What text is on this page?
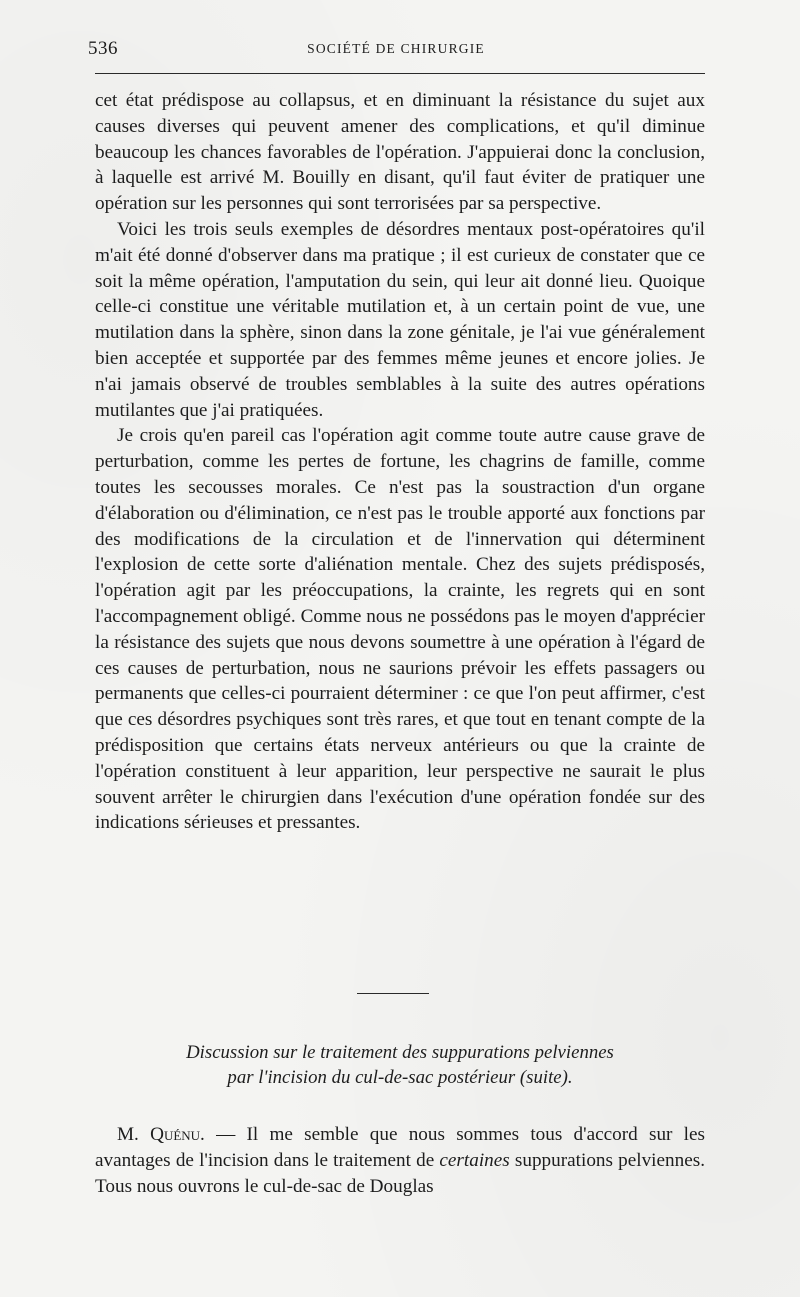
536	SOCIÉTÉ DE CHIRURGIE

cet état prédispose au collapsus, et en diminuant la résistance du sujet aux causes diverses qui peuvent amener des complications, et qu'il diminue beaucoup les chances favorables de l'opération. J'appuierai donc la conclusion, à laquelle est arrivé M. Bouilly en disant, qu'il faut éviter de pratiquer une opération sur les personnes qui sont terrorisées par sa perspective.

Voici les trois seuls exemples de désordres mentaux post-opératoires qu'il m'ait été donné d'observer dans ma pratique ; il est curieux de constater que ce soit la même opération, l'amputation du sein, qui leur ait donné lieu. Quoique celle-ci constitue une véritable mutilation et, à un certain point de vue, une mutilation dans la sphère, sinon dans la zone génitale, je l'ai vue généralement bien acceptée et supportée par des femmes même jeunes et encore jolies. Je n'ai jamais observé de troubles semblables à la suite des autres opérations mutilantes que j'ai pratiquées.

Je crois qu'en pareil cas l'opération agit comme toute autre cause grave de perturbation, comme les pertes de fortune, les chagrins de famille, comme toutes les secousses morales. Ce n'est pas la soustraction d'un organe d'élaboration ou d'élimination, ce n'est pas le trouble apporté aux fonctions par des modifications de la circulation et de l'innervation qui déterminent l'explosion de cette sorte d'aliénation mentale. Chez des sujets prédisposés, l'opération agit par les préoccupations, la crainte, les regrets qui en sont l'accompagnement obligé. Comme nous ne possédons pas le moyen d'apprécier la résistance des sujets que nous devons soumettre à une opération à l'égard de ces causes de perturbation, nous ne saurions prévoir les effets passagers ou permanents que celles-ci pourraient déterminer : ce que l'on peut affirmer, c'est que ces désordres psychiques sont très rares, et que tout en tenant compte de la prédisposition que certains états nerveux antérieurs ou que la crainte de l'opération constituent à leur apparition, leur perspective ne saurait le plus souvent arrêter le chirurgien dans l'exécution d'une opération fondée sur des indications sérieuses et pressantes.

Discussion sur le traitement des suppurations pelviennes
par l'incision du cul-de-sac postérieur (suite).

M. Quénu. — Il me semble que nous sommes tous d'accord sur les avantages de l'incision dans le traitement de certaines suppurations pelviennes. Tous nous ouvrons le cul-de-sac de Douglas
